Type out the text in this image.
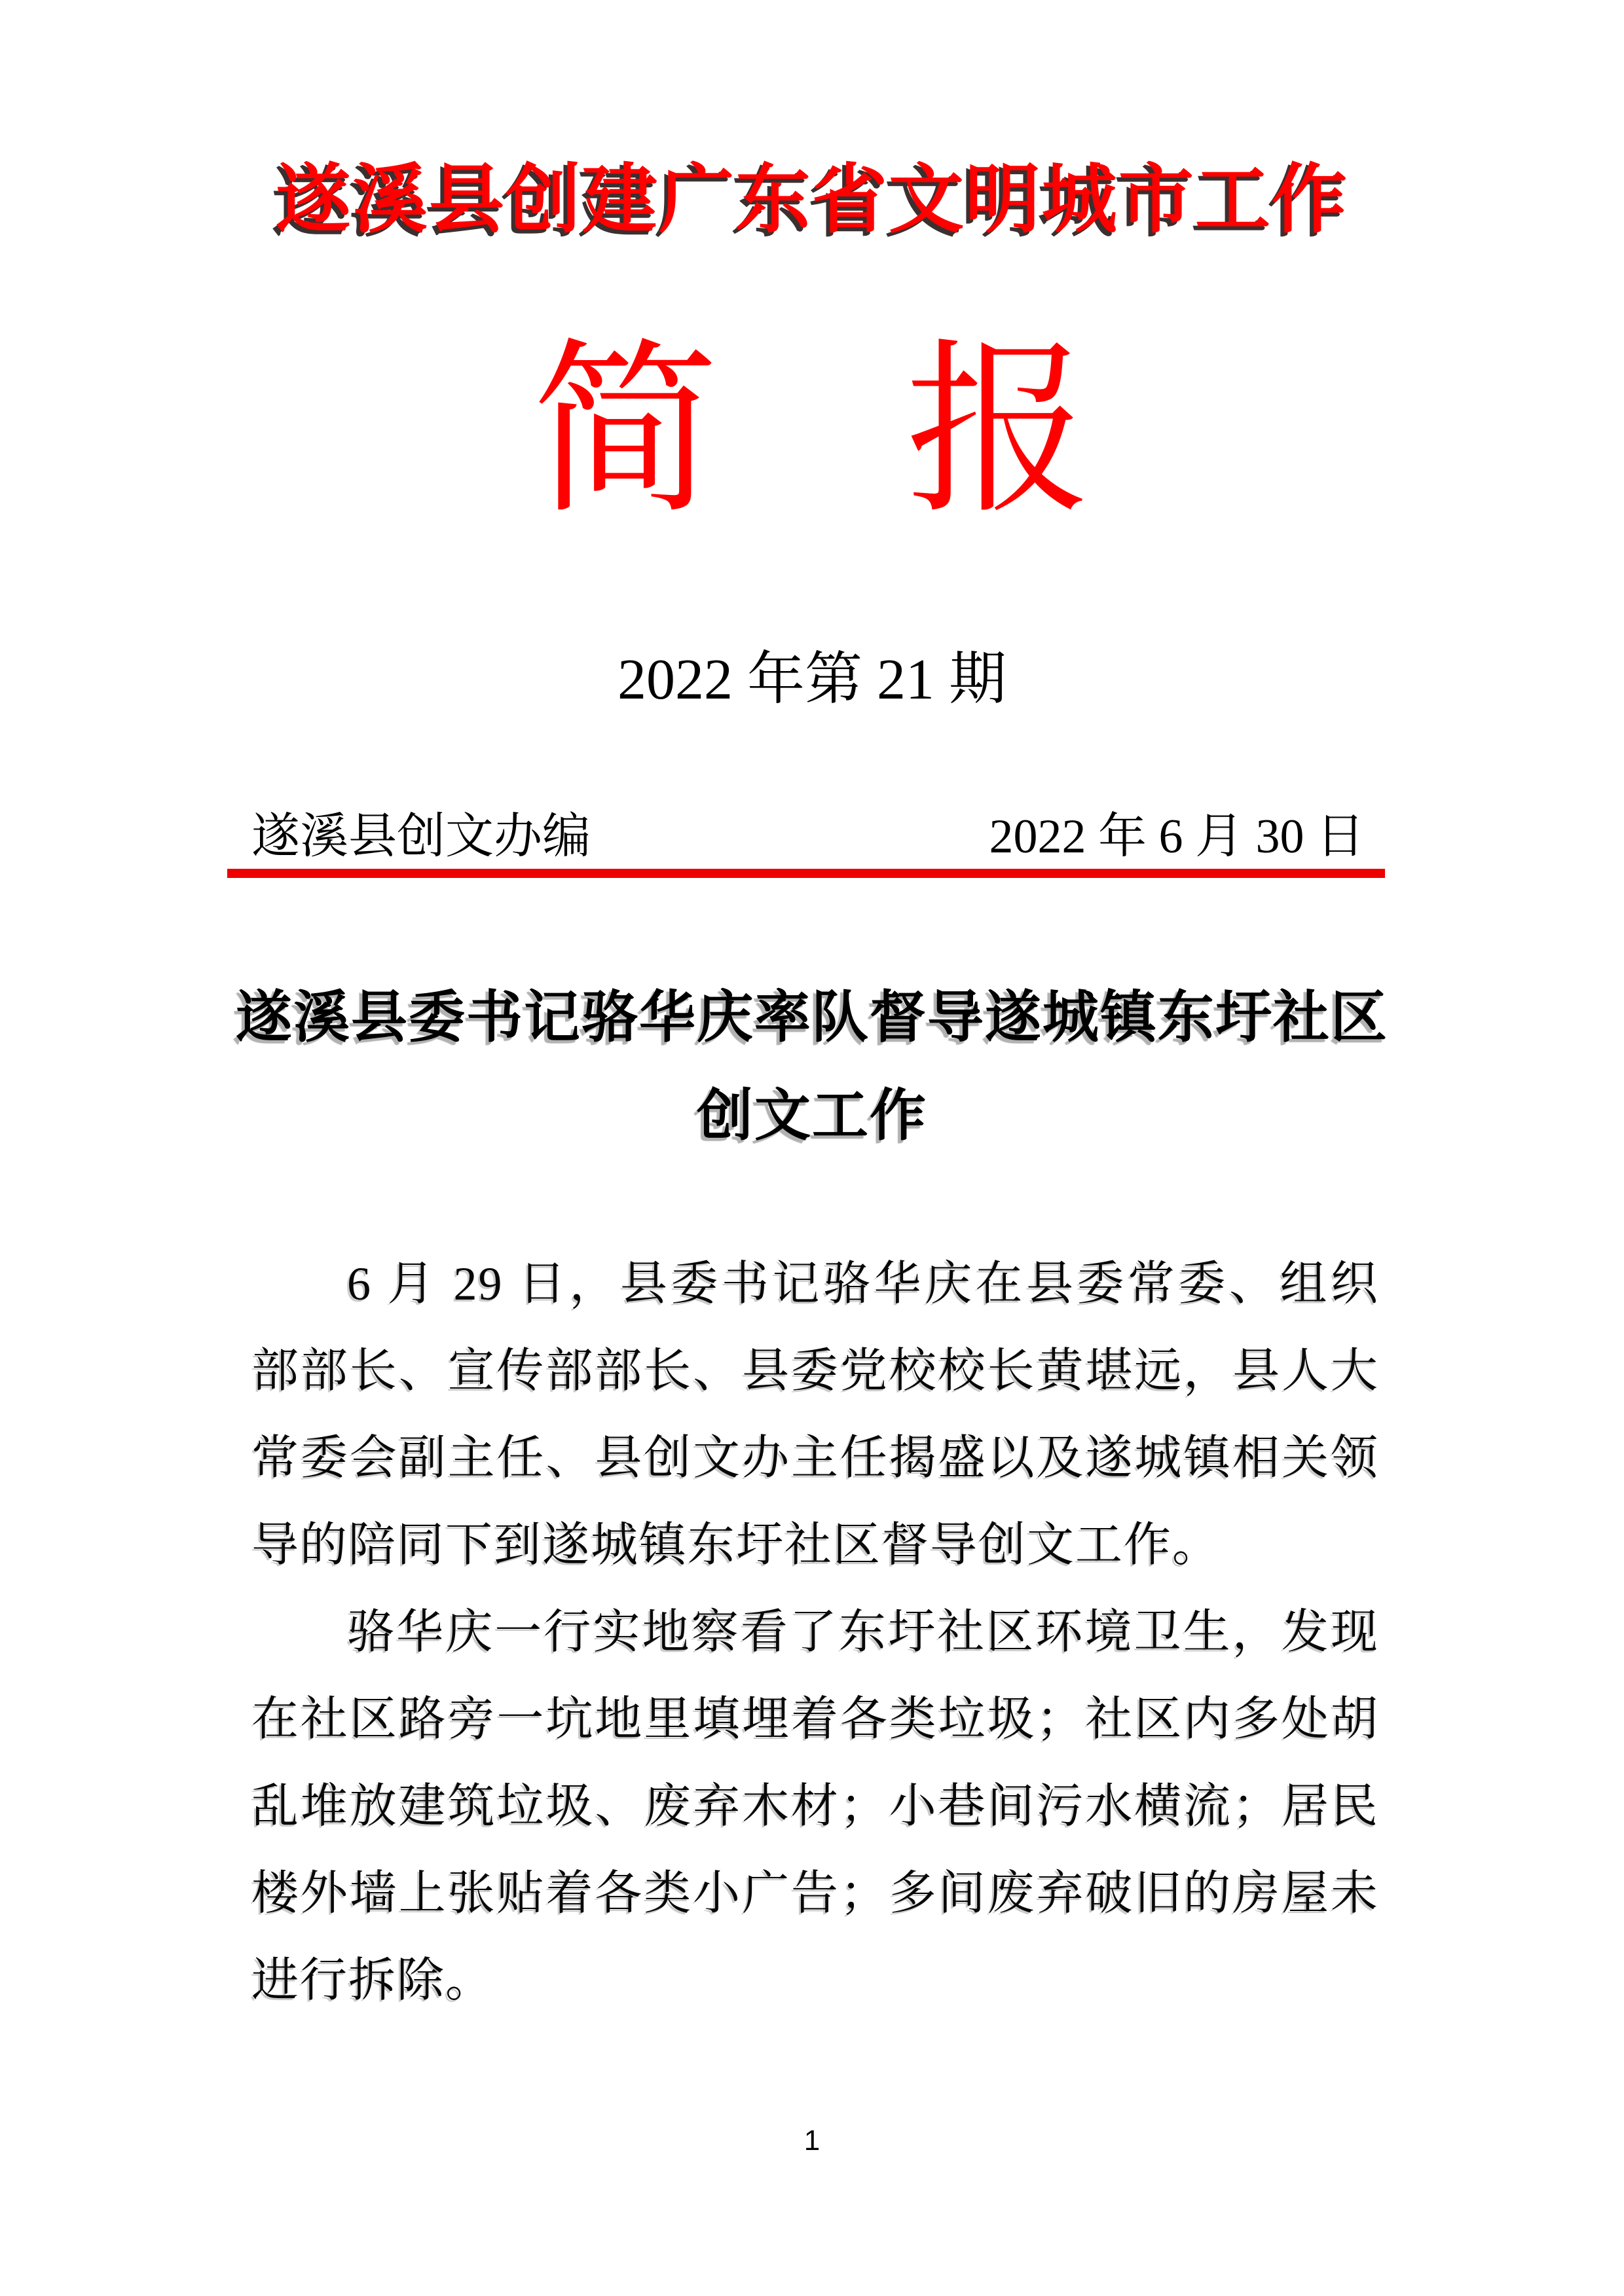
遂溪县创建广东省文明城市工作
简　报
2022 年第 21 期
遂溪县创文办编	2022 年 6 月 30 日
遂溪县委书记骆华庆率队督导遂城镇东圩社区创文工作

6 月 29 日，县委书记骆华庆在县委常委、组织部部长、宣传部部长、县委党校校长黄堪远，县人大常委会副主任、县创文办主任揭盛以及遂城镇相关领导的陪同下到遂城镇东圩社区督导创文工作。

骆华庆一行实地察看了东圩社区环境卫生，发现在社区路旁一坑地里填埋着各类垃圾；社区内多处胡乱堆放建筑垃圾、废弃木材；小巷间污水横流；居民楼外墙上张贴着各类小广告；多间废弃破旧的房屋未进行拆除。

1
